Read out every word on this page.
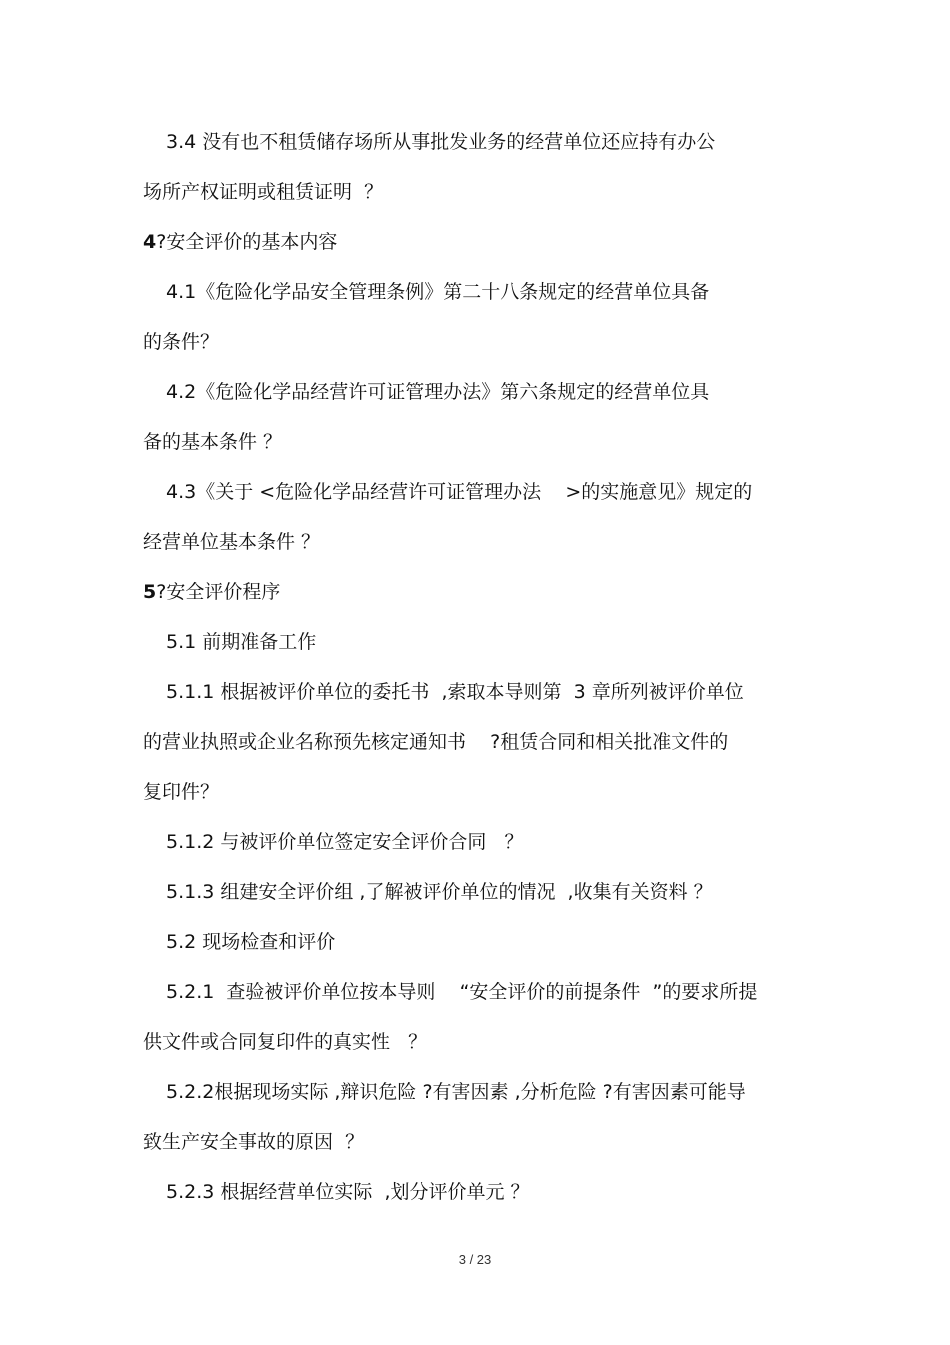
3.4 没有也不租赁储存场所从事批发业务的经营单位还应持有办公
场所产权证明或租赁证明  ？
4?安全评价的基本内容
4.1《危险化学品安全管理条例》第二十八条规定的经营单位具备
的条件？
4.2《危险化学品经营许可证管理办法》第六条规定的经营单位具
备的基本条件 ？
4.3《关于 <危险化学品经营许可证管理办法    >的实施意见》规定的
经营单位基本条件 ？
5?安全评价程序
5.1 前期准备工作
5.1.1 根据被评价单位的委托书  ,索取本导则第  3 章所列被评价单位
的营业执照或企业名称预先核定通知书    ?租赁合同和相关批准文件的
复印件？
5.1.2 与被评价单位签定安全评价合同   ？
5.1.3 组建安全评价组 ,了解被评价单位的情况  ,收集有关资料 ？
5.2 现场检查和评价
5.2.1  查验被评价单位按本导则    “安全评价的前提条件  ”的要求所提
供文件或合同复印件的真实性   ？
5.2.2根据现场实际 ,辩识危险 ?有害因素 ,分析危险 ?有害因素可能导
致生产安全事故的原因  ？
5.2.3 根据经营单位实际  ,划分评价单元 ？
3 / 23
